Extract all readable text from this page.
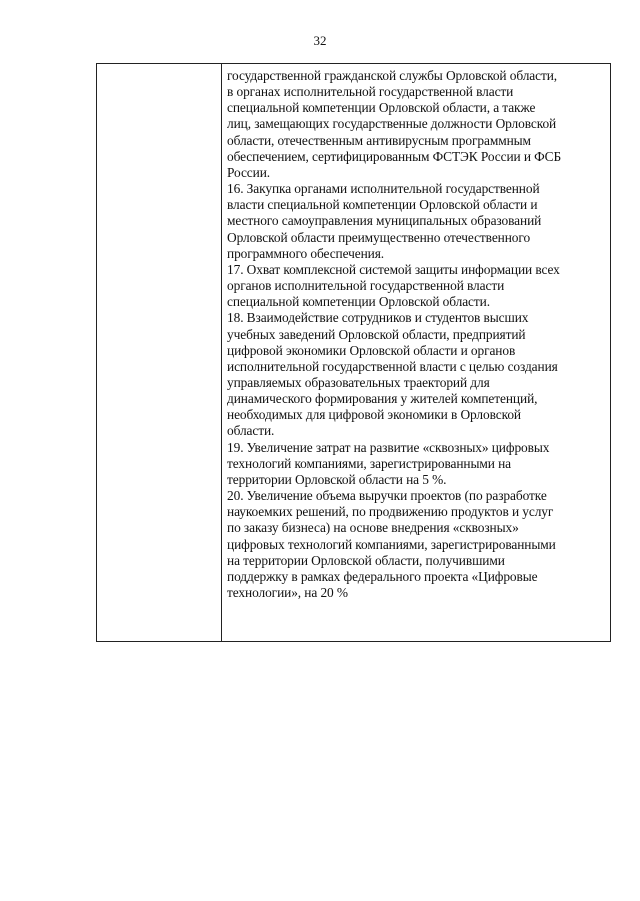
32

государственной гражданской службы Орловской области,
в органах исполнительной государственной власти
специальной компетенции Орловской области, а также
лиц, замещающих государственные должности Орловской
области, отечественным антивирусным программным
обеспечением, сертифицированным ФСТЭК России и ФСБ
России.
16. Закупка органами исполнительной государственной
власти специальной компетенции Орловской области и
местного самоуправления муниципальных образований
Орловской области преимущественно отечественного
программного обеспечения.
17. Охват комплексной системой защиты информации всех
органов исполнительной государственной власти
специальной компетенции Орловской области.
18. Взаимодействие сотрудников и студентов высших
учебных заведений Орловской области, предприятий
цифровой экономики Орловской области и органов
исполнительной государственной власти с целью создания
управляемых образовательных траекторий для
динамического формирования у жителей компетенций,
необходимых для цифровой экономики в Орловской
области.
19. Увеличение затрат на развитие «сквозных» цифровых
технологий компаниями, зарегистрированными на
территории Орловской области на 5 %.
20. Увеличение объема выручки проектов (по разработке
наукоемких решений, по продвижению продуктов и услуг
по заказу бизнеса) на основе внедрения «сквозных»
цифровых технологий компаниями, зарегистрированными
на территории Орловской области, получившими
поддержку в рамках федерального проекта «Цифровые
технологии», на 20 %
